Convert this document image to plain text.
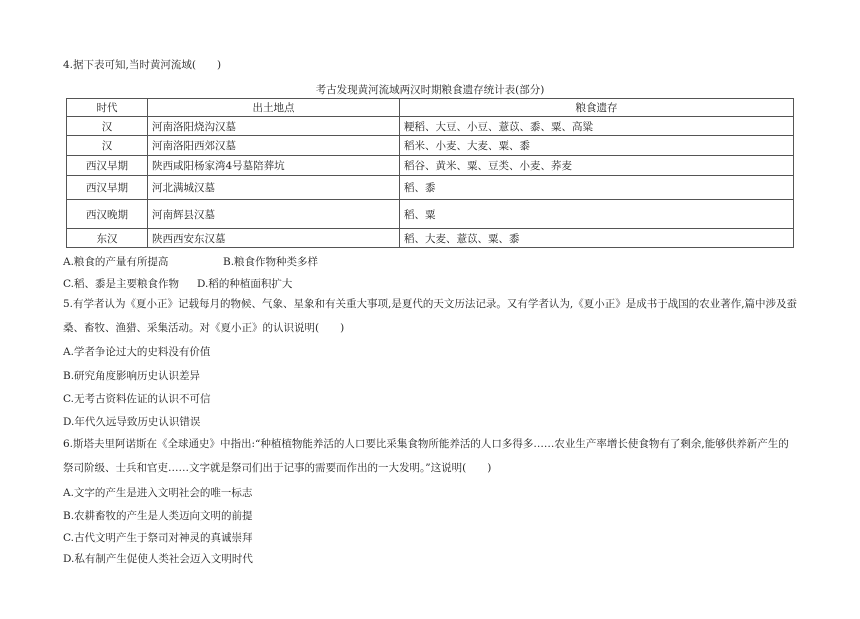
4.据下表可知,当时黄河流域(　　)
考古发现黄河流域两汉时期粮食遗存统计表(部分)
时代	出土地点	粮食遗存
汉	河南洛阳烧沟汉墓	粳稻、大豆、小豆、薏苡、黍、粟、高粱
汉	河南洛阳西郊汉墓	稻米、小麦、大麦、粟、黍
西汉早期	陕西咸阳杨家湾4号墓陪葬坑	稻谷、黄米、粟、豆类、小麦、荞麦
西汉早期	河北满城汉墓	稻、黍
西汉晚期	河南辉县汉墓	稻、粟
东汉	陕西西安东汉墓	稻、大麦、薏苡、粟、黍
A.粮食的产量有所提高	B.粮食作物种类多样
C.稻、黍是主要粮食作物 D.稻的种植面积扩大
5.有学者认为《夏小正》记载每月的物候、气象、星象和有关重大事项,是夏代的天文历法记录。又有学者认为,《夏小正》是成书于战国的农业著作,篇中涉及蚕
桑、畜牧、渔猎、采集活动。对《夏小正》的认识说明(　　)
A.学者争论过大的史料没有价值
B.研究角度影响历史认识差异
C.无考古资料佐证的认识不可信
D.年代久远导致历史认识错误
6.斯塔夫里阿诺斯在《全球通史》中指出:“种植植物能养活的人口要比采集食物所能养活的人口多得多……农业生产率增长使食物有了剩余,能够供养新产生的
祭司阶级、士兵和官吏……文字就是祭司们出于记事的需要而作出的一大发明。”这说明(　　)
A.文字的产生是进入文明社会的唯一标志
B.农耕畜牧的产生是人类迈向文明的前提
C.古代文明产生于祭司对神灵的真诚崇拜
D.私有制产生促使人类社会迈入文明时代
